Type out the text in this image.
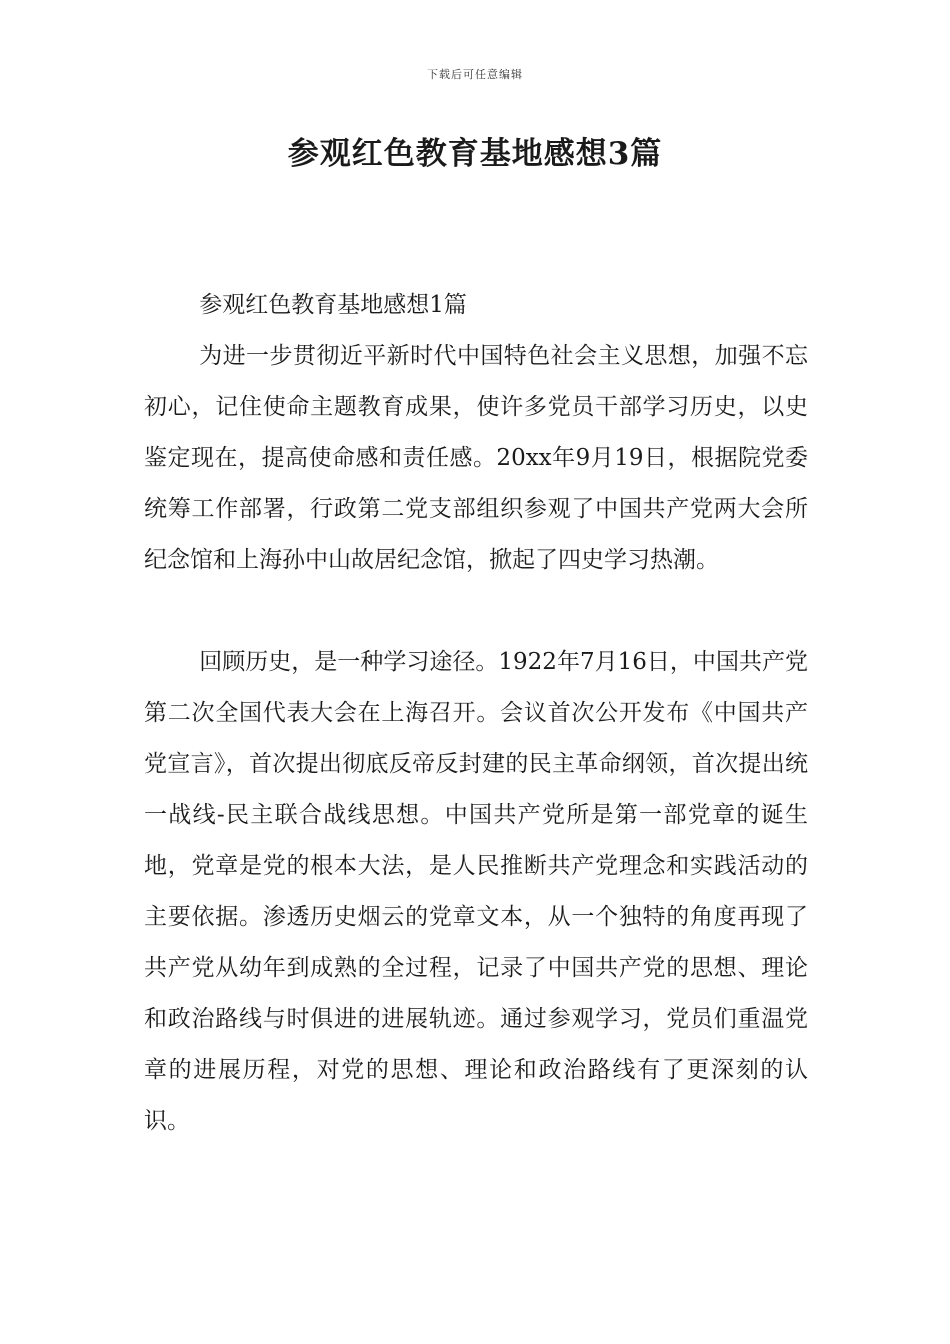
下载后可任意编辑
参观红色教育基地感想3篇
参观红色教育基地感想1篇

为进一步贯彻近平新时代中国特色社会主义思想，加强不忘初心，记住使命主题教育成果，使许多党员干部学习历史，以史鉴定现在，提高使命感和责任感。20xx年9月19日，根据院党委统筹工作部署，行政第二党支部组织参观了中国共产党两大会所纪念馆和上海孙中山故居纪念馆，掀起了四史学习热潮。

回顾历史，是一种学习途径。1922年7月16日，中国共产党第二次全国代表大会在上海召开。会议首次公开发布《中国共产党宣言》，首次提出彻底反帝反封建的民主革命纲领，首次提出统一战线-民主联合战线思想。中国共产党所是第一部党章的诞生地，党章是党的根本大法，是人民推断共产党理念和实践活动的主要依据。渗透历史烟云的党章文本，从一个独特的角度再现了共产党从幼年到成熟的全过程，记录了中国共产党的思想、理论和政治路线与时俱进的进展轨迹。通过参观学习，党员们重温党章的进展历程，对党的思想、理论和政治路线有了更深刻的认识。
